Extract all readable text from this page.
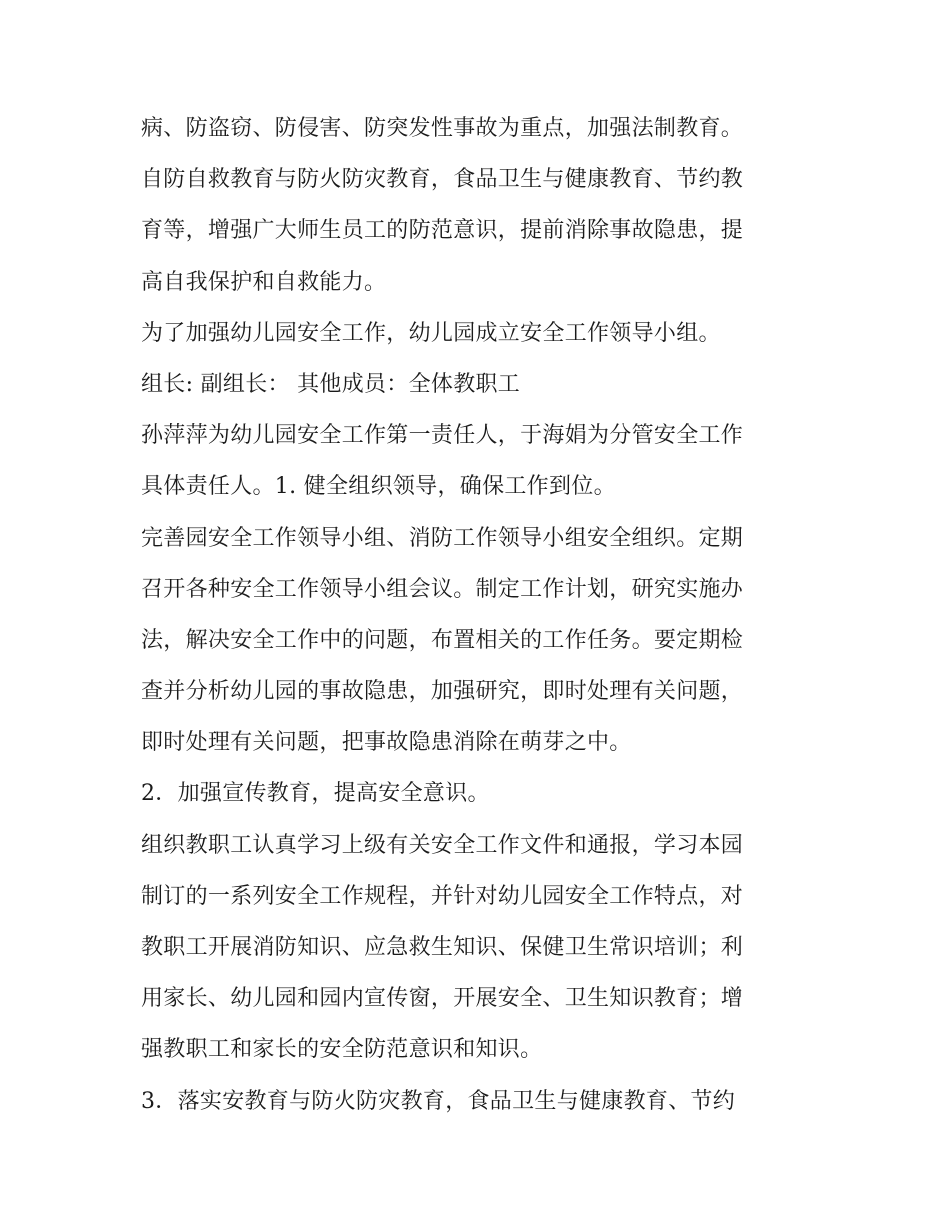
病、防盗窃、防侵害、防突发性事故为重点，加强法制教育。
自防自救教育与防火防灾教育，食品卫生与健康教育、节约教
育等，增强广大师生员工的防范意识，提前消除事故隐患，提
高自我保护和自救能力。
为了加强幼儿园安全工作，幼儿园成立安全工作领导小组。
组长: 副组长： 其他成员：全体教职工
孙萍萍为幼儿园安全工作第一责任人，于海娟为分管安全工作
具体责任人。1. 健全组织领导，确保工作到位。
完善园安全工作领导小组、消防工作领导小组安全组织。定期
召开各种安全工作领导小组会议。制定工作计划，研究实施办
法，解决安全工作中的问题，布置相关的工作任务。要定期检
查并分析幼儿园的事故隐患，加强研究，即时处理有关问题，
即时处理有关问题，把事故隐患消除在萌芽之中。
2．加强宣传教育，提高安全意识。
组织教职工认真学习上级有关安全工作文件和通报，学习本园
制订的一系列安全工作规程，并针对幼儿园安全工作特点，对
教职工开展消防知识、应急救生知识、保健卫生常识培训；利
用家长、幼儿园和园内宣传窗，开展安全、卫生知识教育；增
强教职工和家长的安全防范意识和知识。
3．落实安教育与防火防灾教育，食品卫生与健康教育、节约
